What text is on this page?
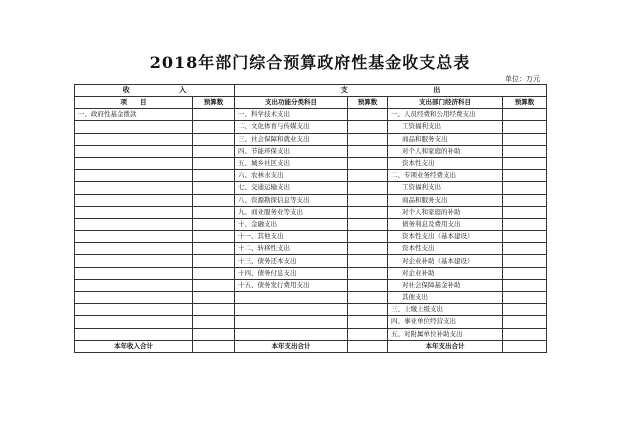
2018年部门综合预算政府性基金收支总表
单位：万元
收 入		支 出			

项　　目	预算数	支出功能分类科目	预算数	支出部门经济科目	预算数
一、政府性基金拨款		一、科学技术支出		一、人员经费和公用经费支出	
		二、文化体育与传媒支出		工资福利支出	
		三、社会保障和就业支出		商品和服务支出	
		四、节能环保支出		对个人和家庭的补助	
		五、城乡社区支出		资本性支出	
		六、农林水支出		二、专项业务经费支出	
		七、交通运输支出		工资福利支出	
		八、资源勘探信息等支出		商品和服务支出	
		九、商业服务业等支出		对个人和家庭的补助	
		十、金融支出		债务利息及费用支出	
		十一、其他支出		资本性支出（基本建设）	
		十二、转移性支出		资本性支出	
		十三、债务还本支出		对企业补助（基本建设）	
		十四、债务付息支出		对企业补助	
		十五、债务发行费用支出		对社会保障基金补助	
				其他支出	
				三、上缴上级支出	
				四、事业单位经营支出	
				五、对附属单位补助支出	
本年收入合计		本年支出合计		本年支出合计	
